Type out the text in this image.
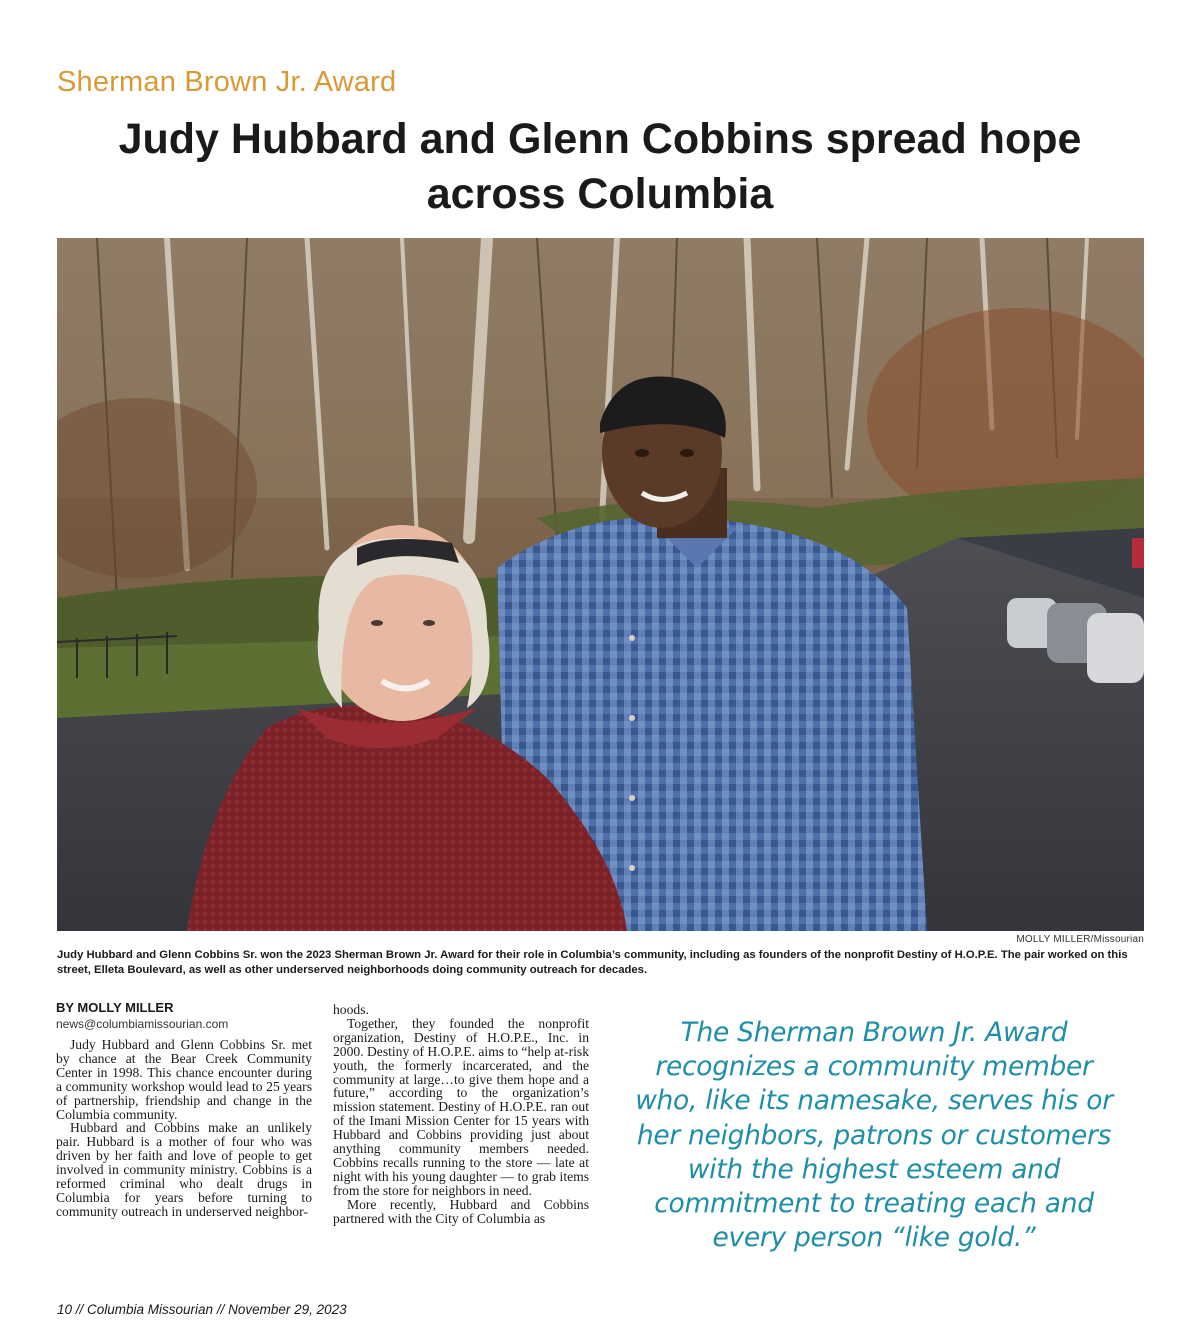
Sherman Brown Jr. Award
Judy Hubbard and Glenn Cobbins spread hope
across Columbia
MOLLY MILLER/Missourian

Judy Hubbard and Glenn Cobbins Sr. won the 2023 Sherman Brown Jr. Award for their role in Columbia’s community, including as founders of the nonprofit Destiny of H.O.P.E. The pair worked on this street, Elleta Boulevard, as well as other underserved neighborhoods doing community outreach for decades.

BY MOLLY MILLER
news@columbiamissourian.com

Judy Hubbard and Glenn Cobbins Sr. met by chance at the Bear Creek Community Center in 1998. This chance encounter during a community workshop would lead to 25 years of partnership, friendship and change in the Columbia community.

Hubbard and Cobbins make an unlikely pair. Hubbard is a mother of four who was driven by her faith and love of people to get involved in community ministry. Cobbins is a reformed criminal who dealt drugs in Columbia for years before turning to community outreach in underserved neighbor-

hoods.

Together, they founded the nonprofit organization, Destiny of H.O.P.E., Inc. in 2000. Destiny of H.O.P.E. aims to “help at-risk youth, the formerly incarcerated, and the community at large…to give them hope and a future,” according to the organization’s mission statement. Destiny of H.O.P.E. ran out of the Imani Mission Center for 15 years with Hubbard and Cobbins providing just about anything community members needed. Cobbins recalls running to the store — late at night with his young daughter — to grab items from the store for neighbors in need.

More recently, Hubbard and Cobbins partnered with the City of Columbia as

The Sherman Brown Jr. Award recognizes a community member who, like its namesake, serves his or her neighbors, patrons or customers with the highest esteem and commitment to treating each and every person “like gold.”
10 // Columbia Missourian // November 29, 2023
